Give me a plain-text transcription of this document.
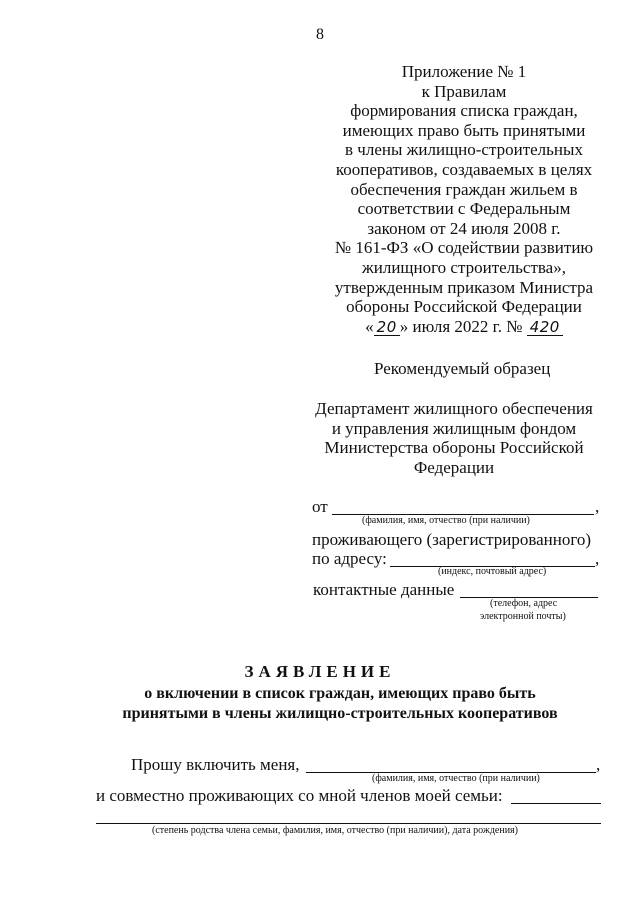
8
Приложение № 1
к Правилам
формирования списка граждан,
имеющих право быть принятыми
в члены жилищно-строительных
кооперативов, создаваемых в целях
обеспечения граждан жильем в
соответствии с Федеральным
законом от 24 июля 2008 г.
№ 161-ФЗ «О содействии развитию
жилищного строительства»,
утвержденным приказом Министра
обороны Российской Федерации
« 20 » июля 2022 г. № 420
Рекомендуемый образец
Департамент жилищного обеспечения
и управления жилищным фондом
Министерства обороны Российской
Федерации
от	,
(фамилия, имя, отчество (при наличии)
проживающего (зарегистрированного)
по адресу:	,
(индекс, почтовый адрес)
контактные данные
(телефон, адрес
электронной почты)
ЗАЯВЛЕНИЕ
о включении в список граждан, имеющих право быть
принятыми в члены жилищно-строительных кооперативов
Прошу включить меня,	,
(фамилия, имя, отчество (при наличии)
и совместно проживающих со мной членов моей семьи:
(степень родства члена семьи, фамилия, имя, отчество (при наличии), дата рождения)
